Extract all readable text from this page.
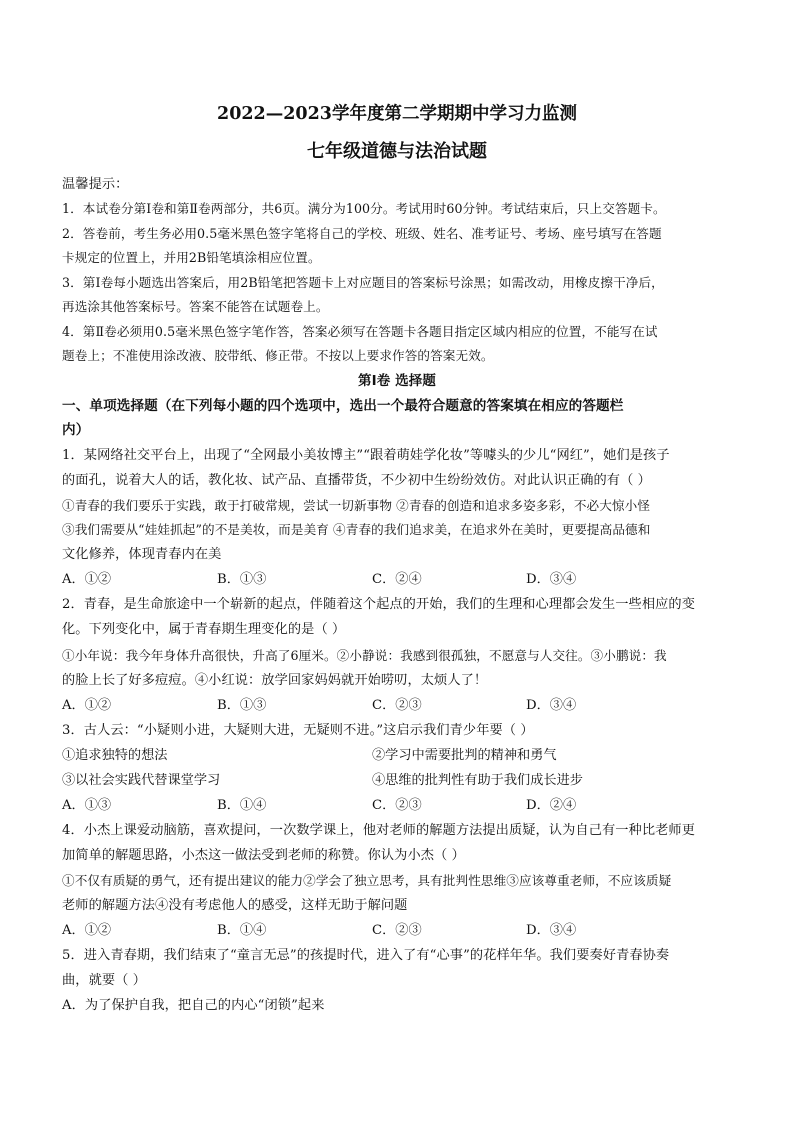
2022—2023学年度第二学期期中学习力监测
七年级道德与法治试题
温馨提示：
1．本试卷分第Ⅰ卷和第Ⅱ卷两部分，共6页。满分为100分。考试用时60分钟。考试结束后，只上交答题卡。
2．答卷前，考生务必用0.5毫米黑色签字笔将自己的学校、班级、姓名、准考证号、考场、座号填写在答题
卡规定的位置上，并用2B铅笔填涂相应位置。
3．第Ⅰ卷每小题选出答案后，用2B铅笔把答题卡上对应题目的答案标号涂黑；如需改动，用橡皮擦干净后，
再选涂其他答案标号。答案不能答在试题卷上。
4．第Ⅱ卷必须用0.5毫米黑色签字笔作答，答案必须写在答题卡各题目指定区域内相应的位置，不能写在试
题卷上；不准使用涂改液、胶带纸、修正带。不按以上要求作答的答案无效。
第Ⅰ卷 选择题
一、单项选择题（在下列每小题的四个选项中，选出一个最符合题意的答案填在相应的答题栏
内）
1．某网络社交平台上，出现了“全网最小美妆博主”“跟着萌娃学化妆”等噱头的少儿“网红”，她们是孩子
的面孔，说着大人的话，教化妆、试产品、直播带货，不少初中生纷纷效仿。对此认识正确的有（ ）
①青春的我们要乐于实践，敢于打破常规，尝试一切新事物 ②青春的创造和追求多姿多彩，不必大惊小怪
③我们需要从“娃娃抓起”的不是美妆，而是美育 ④青春的我们追求美，在追求外在美时，更要提高品德和
文化修养，体现青春内在美
A．①②	B．①③	C．②④	D．③④
2．青春，是生命旅途中一个崭新的起点，伴随着这个起点的开始，我们的生理和心理都会发生一些相应的变
化。下列变化中，属于青春期生理变化的是（ ）
①小年说：我今年身体升高很快，升高了6厘米。②小静说：我感到很孤独，不愿意与人交往。③小鹏说：我
的脸上长了好多痘痘。④小红说：放学回家妈妈就开始唠叨，太烦人了！
A．①②	B．①③	C．②③	D．③④
3．古人云：“小疑则小进，大疑则大进，无疑则不进。”这启示我们青少年要（ ）
①追求独特的想法	②学习中需要批判的精神和勇气
③以社会实践代替课堂学习	④思维的批判性有助于我们成长进步
A．①③	B．①④	C．②③	D．②④
4．小杰上课爱动脑筋，喜欢提问，一次数学课上，他对老师的解题方法提出质疑，认为自己有一种比老师更
加简单的解题思路，小杰这一做法受到老师的称赞。你认为小杰（ ）
①不仅有质疑的勇气，还有提出建议的能力②学会了独立思考，具有批判性思维③应该尊重老师，不应该质疑
老师的解题方法④没有考虑他人的感受，这样无助于解问题
A．①②	B．①④	C．②③	D．③④
5．进入青春期，我们结束了“童言无忌”的孩提时代，进入了有“心事”的花样年华。我们要奏好青春协奏
曲，就要（ ）
A．为了保护自我，把自己的内心“闭锁”起来
